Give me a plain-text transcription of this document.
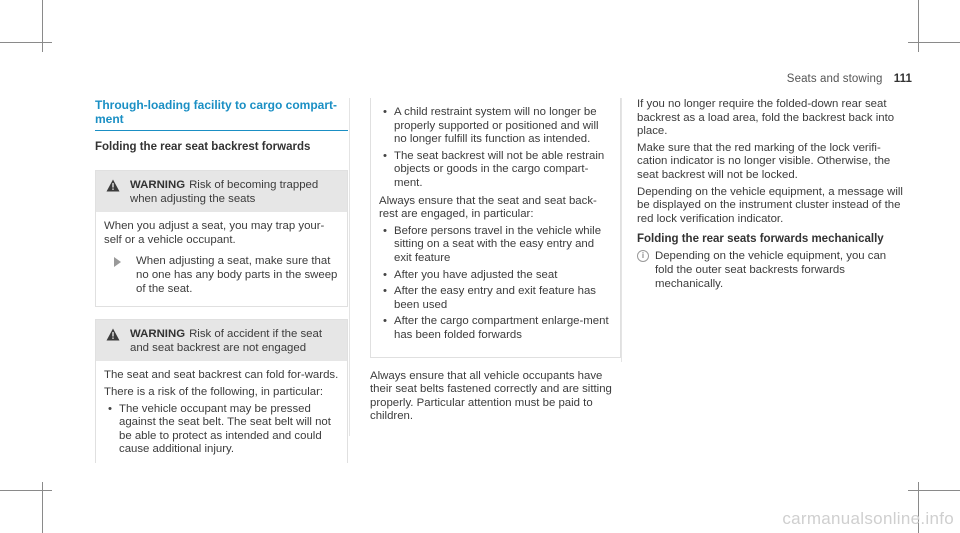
Seats and stowing 111
Through-loading facility to cargo compart-
ment
Folding the rear seat backrest forwards
WARNING Risk of becoming trapped when adjusting the seats

When you adjust a seat, you may trap your-self or a vehicle occupant.

When adjusting a seat, make sure that no one has any body parts in the sweep of the seat.
WARNING Risk of accident if the seat and seat backrest are not engaged

The seat and seat backrest can fold for-wards.

There is a risk of the following, in particular:

• The vehicle occupant may be pressed against the seat belt. The seat belt will not be able to protect as intended and could cause additional injury.
• A child restraint system will no longer be properly supported or positioned and will no longer fulfill its function as intended.
• The seat backrest will not be able restrain objects or goods in the cargo compart-ment.

Always ensure that the seat and seat back-rest are engaged, in particular:

• Before persons travel in the vehicle while sitting on a seat with the easy entry and exit feature
• After you have adjusted the seat
• After the easy entry and exit feature has been used
• After the cargo compartment enlarge-ment has been folded forwards

Always ensure that all vehicle occupants have their seat belts fastened correctly and are sitting properly. Particular attention must be paid to children.

If you no longer require the folded-down rear seat backrest as a load area, fold the backrest back into place.

Make sure that the red marking of the lock verifi-cation indicator is no longer visible. Otherwise, the seat backrest will not be locked.

Depending on the vehicle equipment, a message will be displayed on the instrument cluster instead of the red lock verification indicator.

Folding the rear seats forwards mechanically
i Depending on the vehicle equipment, you can fold the outer seat backrests forwards mechanically.
carmanualsonline.info
